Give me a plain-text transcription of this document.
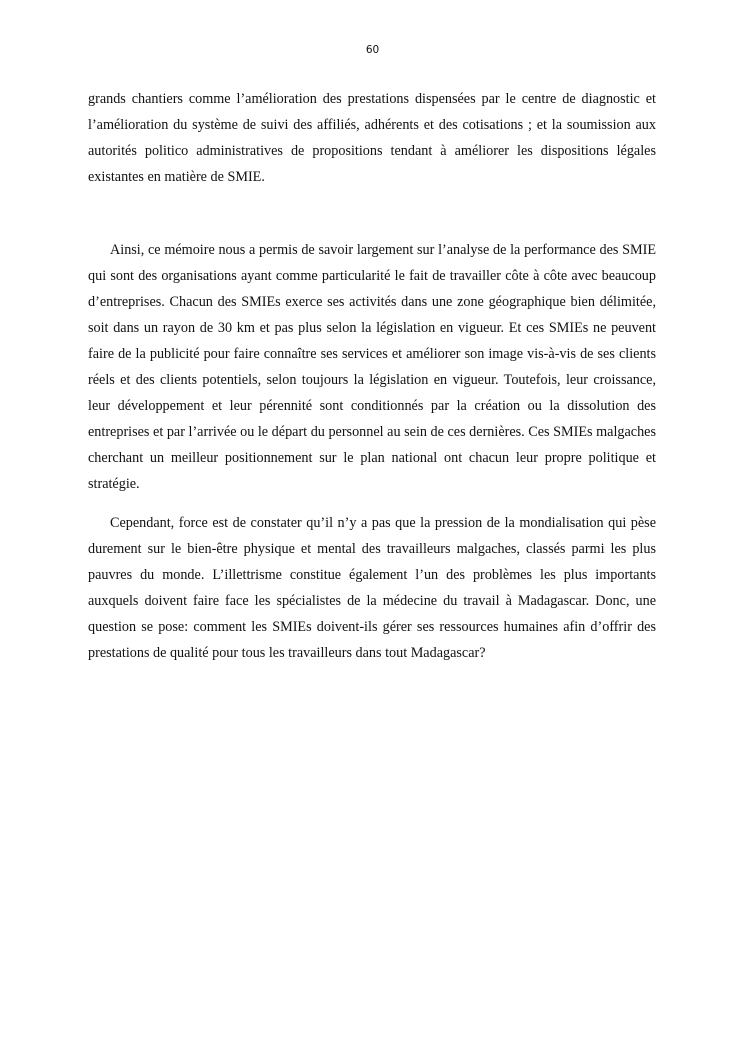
60

grands chantiers comme l’amélioration des prestations dispensées par le centre de diagnostic et l’amélioration du système de suivi des affiliés, adhérents et des cotisations ; et la soumission aux autorités politico administratives de propositions tendant à améliorer les dispositions légales existantes en matière de SMIE.

Ainsi, ce mémoire nous a permis de savoir largement sur l’analyse de la performance des SMIE qui sont des organisations ayant comme particularité le fait de travailler côte à côte avec beaucoup d’entreprises. Chacun des SMIEs exerce ses activités dans une zone géographique bien délimitée, soit dans un rayon de 30 km et pas plus selon la législation en vigueur. Et ces SMIEs ne peuvent faire de la publicité pour faire connaître ses services et améliorer son image vis-à-vis de ses clients réels et des clients potentiels, selon toujours la législation en vigueur. Toutefois, leur croissance, leur développement et leur pérennité sont conditionnés par la création ou la dissolution des entreprises et par l’arrivée ou le départ du personnel au sein de ces dernières. Ces SMIEs malgaches cherchant un meilleur positionnement sur le plan national ont chacun leur propre politique et stratégie.

Cependant, force est de constater qu’il n’y a pas que la pression de la mondialisation qui pèse durement sur le bien-être physique et mental des travailleurs malgaches, classés parmi les plus pauvres du monde. L’illettrisme constitue également l’un des problèmes les plus importants auxquels doivent faire face les spécialistes de la médecine du travail à Madagascar. Donc, une question se pose: comment les SMIEs doivent-ils gérer ses ressources humaines afin d’offrir des prestations de qualité pour tous les travailleurs dans tout Madagascar?
